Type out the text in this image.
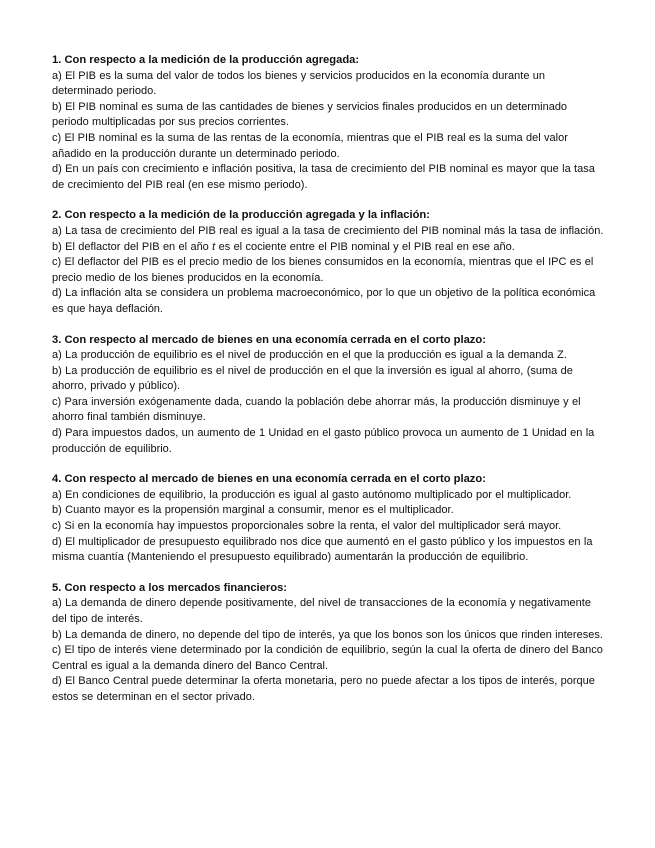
1. Con respecto a la medición de la producción agregada:

a) El PIB es la suma del valor de todos los bienes y servicios producidos en la economía durante un determinado periodo.

b) El PIB nominal es suma de las cantidades de bienes y servicios finales producidos en un determinado periodo multiplicadas por sus precios corrientes.

c) El PIB nominal es la suma de las rentas de la economía, mientras que el PIB real es la suma del valor añadido en la producción durante un determinado periodo.

d) En un país con crecimiento e inflación positiva, la tasa de crecimiento del PIB nominal es mayor que la tasa de crecimiento del PIB real (en ese mismo periodo).

2. Con respecto a la medición de la producción agregada y la inflación:

a) La tasa de crecimiento del PIB real es igual a la tasa de crecimiento del PIB nominal más la tasa de inflación.

b) El deflactor del PIB en el año t es el cociente entre el PIB nominal y el PIB real en ese año.

c) El deflactor del PIB es el precio medio de los bienes consumidos en la economía, mientras que el IPC es el precio medio de los bienes producidos en la economía.

d) La inflación alta se considera un problema macroeconómico, por lo que un objetivo de la política económica es que haya deflación.

3. Con respecto al mercado de bienes en una economía cerrada en el corto plazo:

a) La producción de equilibrio es el nivel de producción en el que la producción es igual a la demanda Z.

b) La producción de equilibrio es el nivel de producción en el que la inversión es igual al ahorro, (suma de ahorro, privado y público).

c) Para inversión exógenamente dada, cuando la población debe ahorrar más, la producción disminuye y el ahorro final también disminuye.

d) Para impuestos dados, un aumento de 1 Unidad en el gasto público provoca un aumento de 1 Unidad en la producción de equilibrio.

4. Con respecto al mercado de bienes en una economía cerrada en el corto plazo:

a) En condiciones de equilibrio, la producción es igual al gasto autónomo multiplicado por el multiplicador.

b) Cuanto mayor es la propensión marginal a consumir, menor es el multiplicador.

c) Si en la economía hay impuestos proporcionales sobre la renta, el valor del multiplicador será mayor.

d) El multiplicador de presupuesto equilibrado nos dice que aumentó en el gasto público y los impuestos en la misma cuantía (Manteniendo el presupuesto equilibrado) aumentarán la producción de equilibrio.

5. Con respecto a los mercados financieros:

a) La demanda de dinero depende positivamente, del nivel de transacciones de la economía y negativamente del tipo de interés.

b) La demanda de dinero, no depende del tipo de interés, ya que los bonos son los únicos que rinden intereses.

c) El tipo de interés viene determinado por la condición de equilibrio, según la cual la oferta de dinero del Banco Central es igual a la demanda dinero del Banco Central.

d) El Banco Central puede determinar la oferta monetaria, pero no puede afectar a los tipos de interés, porque estos se determinan en el sector privado.
